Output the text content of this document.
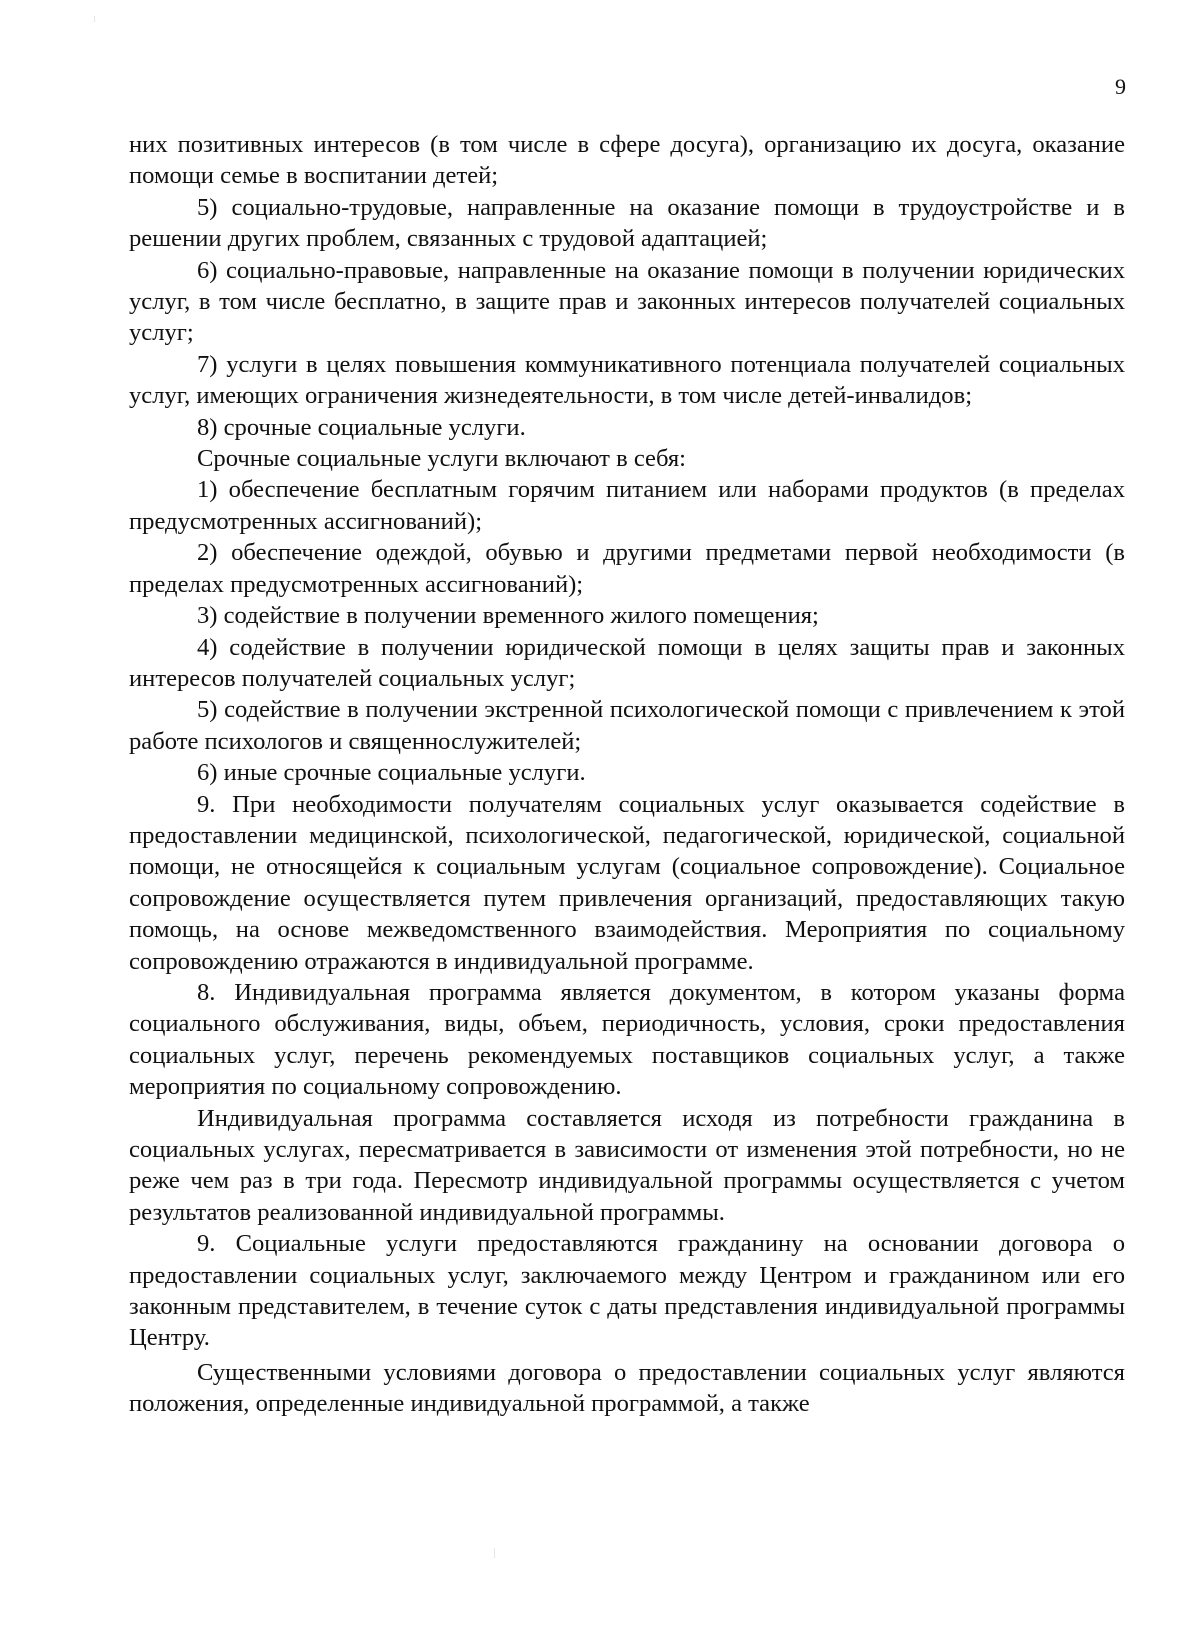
9

них позитивных интересов (в том числе в сфере досуга), организацию их досуга, оказание помощи семье в воспитании детей;

5) социально-трудовые, направленные на оказание помощи в трудоустройстве и в решении других проблем, связанных с трудовой адаптацией;

6) социально-правовые, направленные на оказание помощи в получении юридических услуг, в том числе бесплатно, в защите прав и законных интересов получателей социальных услуг;

7) услуги в целях повышения коммуникативного потенциала получателей социальных услуг, имеющих ограничения жизнедеятельности, в том числе детей-инвалидов;

8) срочные социальные услуги.

Срочные социальные услуги включают в себя:

1) обеспечение бесплатным горячим питанием или наборами продуктов (в пределах предусмотренных ассигнований);

2) обеспечение одеждой, обувью и другими предметами первой необходимости (в пределах предусмотренных ассигнований);

3) содействие в получении временного жилого помещения;

4) содействие в получении юридической помощи в целях защиты прав и законных интересов получателей социальных услуг;

5) содействие в получении экстренной психологической помощи с привлечением к этой работе психологов и священнослужителей;

6) иные срочные социальные услуги.

9. При необходимости получателям социальных услуг оказывается содействие в предоставлении медицинской, психологической, педагогической, юридической, социальной помощи, не относящейся к социальным услугам (социальное сопровождение). Социальное сопровождение осуществляется путем привлечения организаций, предоставляющих такую помощь, на основе межведомственного взаимодействия. Мероприятия по социальному сопровождению отражаются в индивидуальной программе.

8. Индивидуальная программа является документом, в котором указаны форма социального обслуживания, виды, объем, периодичность, условия, сроки предоставления социальных услуг, перечень рекомендуемых поставщиков социальных услуг, а также мероприятия по социальному сопровождению.

Индивидуальная программа составляется исходя из потребности гражданина в социальных услугах, пересматривается в зависимости от изменения этой потребности, но не реже чем раз в три года. Пересмотр индивидуальной программы осуществляется с учетом результатов реализованной индивидуальной программы.

9. Социальные услуги предоставляются гражданину на основании договора о предоставлении социальных услуг, заключаемого между Центром и гражданином или его законным представителем, в течение суток с даты представления индивидуальной программы Центру.

Существенными условиями договора о предоставлении социальных услуг являются положения, определенные индивидуальной программой, а также
